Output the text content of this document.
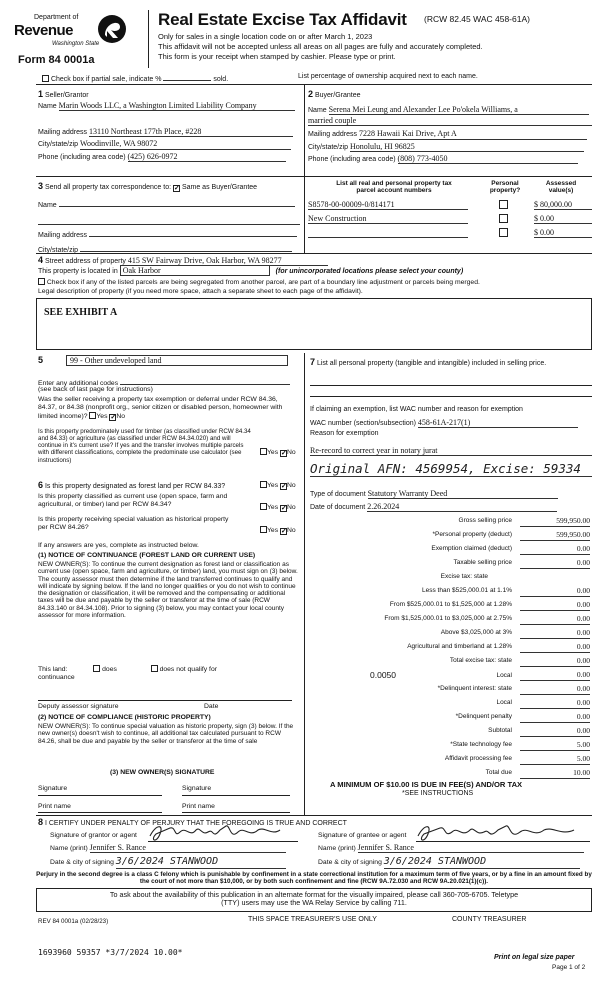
Department of
Revenue
Washington State
Form 84 0001a
Real Estate Excise Tax Affidavit (RCW 82.45 WAC 458-61A)
Only for sales in a single location code on or after March 1, 2023
This affidavit will not be accepted unless all areas on all pages are fully and accurately completed.
This form is your receipt when stamped by cashier. Please type or print.
Check box if partial sale, indicate %	sold.	List percentage of ownership acquired next to each name.
1 Seller/Grantor
Name Marin Woods LLC, a Washington Limited Liability Company
Mailing address 13110 Northeast 177th Place, #228
City/state/zip Woodinville, WA 98072
Phone (including area code) (425) 626-0972
2 Buyer/Grantee
Name Serena Mei Leung and Alexander Lee Po'okela Williams, a
married couple
Mailing address 7228 Hawaii Kai Drive, Apt A
City/state/zip Honolulu, HI 96825
Phone (including area code) (808) 773-4050
3 Send all property tax correspondence to: ✓ Same as Buyer/Grantee
Name
Mailing address
City/state/zip
List all real and personal property tax
parcel account numbers
Personal
property?
Assessed
value(s)
S8578-00-00009-0/814171	$ 80,000.00
New Construction	$ 0.00
$ 0.00
4 Street address of property 415 SW Fairway Drive, Oak Harbor, WA 98277
This property is located in Oak Harbor	(for unincorporated locations please select your county)
Check box if any of the listed parcels are being segregated from another parcel, are part of a boundary line adjustment or parcels being merged.
Legal description of property (if you need more space, attach a separate sheet to each page of the affidavit).
SEE EXHIBIT A
5	99 - Other undeveloped land
Enter any additional codes
(see back of last page for instructions)
Was the seller receiving a property tax exemption or deferral under RCW 84.36, 84.37, or 84.38 (nonprofit org., senior citizen or disabled person, homeowner with limited income)? Yes ✓No
Is this property predominately used for timber (as classified under RCW 84.34 and 84.33) or agriculture (as classified under RCW 84.34.020) and will continue in it's current use? If yes and the transfer involves multiple parcels with different classifications, complete the predominate use calculator (see instructions)
Yes ✓No
6 Is this property designated as forest land per RCW 84.33?	Yes ✓No
Is this property classified as current use (open space, farm and agricultural, or timber) land per RCW 84.34?	Yes ✓No
Is this property receiving special valuation as historical property per RCW 84.26?	Yes ✓No
If any answers are yes, complete as instructed below.
(1) NOTICE OF CONTINUANCE (FOREST LAND OR CURRENT USE)
NEW OWNER(S): To continue the current designation as forest land or classification as current use (open space, farm and agriculture, or timber) land, you must sign on (3) below. The county assessor must then determine if the land transferred continues to qualify and will indicate by signing below. If the land no longer qualifies or you do not wish to continue the designation or classification, it will be removed and the compensating or additional taxes will be due and payable by the seller or transferor at the time of sale (RCW 84.33.140 or 84.34.108). Prior to signing (3) below, you may contact your local county assessor for more information.
This land:	does	does not qualify for
continuance
Deputy assessor signature	Date
(2) NOTICE OF COMPLIANCE (HISTORIC PROPERTY)
NEW OWNER(S): To continue special valuation as historic property, sign (3) below. If the new owner(s) doesn't wish to continue, all additional tax calculated pursuant to RCW 84.26, shall be due and payable by the seller or transferor at the time of sale
(3) NEW OWNER(S) SIGNATURE
Signature	Signature
Print name	Print name
7 List all personal property (tangible and intangible) included in selling price.
If claiming an exemption, list WAC number and reason for exemption
WAC number (section/subsection) 458-61A-217(1)
Reason for exemption
Re-record to correct year in notary jurat
Original AFN: 4569954, Excise: 59334
Type of document Statutory Warranty Deed
Date of document 2.26.2024
Gross selling price	599,950.00
*Personal property (deduct)	599,950.00
Exemption claimed (deduct)	0.00
Taxable selling price	0.00
Excise tax: state
Less than $525,000.01 at 1.1%	0.00
From $525,000.01 to $1,525,000 at 1.28%	0.00
From $1,525,000.01 to $3,025,000 at 2.75%	0.00
Above $3,025,000 at 3%	0.00
Agricultural and timberland at 1.28%	0.00
Total excise tax: state	0.00
0.0050	Local	0.00
*Delinquent interest: state	0.00
Local	0.00
*Delinquent penalty	0.00
Subtotal	0.00
*State technology fee	5.00
Affidavit processing fee	5.00
Total due	10.00
A MINIMUM OF $10.00 IS DUE IN FEE(S) AND/OR TAX
*SEE INSTRUCTIONS
8 I CERTIFY UNDER PENALTY OF PERJURY THAT THE FOREGOING IS TRUE AND CORRECT
Signature of grantor or agent
Name (print) Jennifer S. Rance
Date & city of signing 3/6/2024 STANWOOD
Signature of grantee or agent
Name (print) Jennifer S. Rance
Date & city of signing 3/6/2024 STANWOOD
Perjury in the second degree is a class C felony which is punishable by confinement in a state correctional institution for a maximum term of five years, or by a fine in an amount fixed by the court of not more than $10,000, or by both such confinement and fine (RCW 9A.72.030 and RCW 9A.20.021(1)(c)).
To ask about the availability of this publication in an alternate format for the visually impaired, please call 360-705-6705. Teletype
(TTY) users may use the WA Relay Service by calling 711.
REV 84 0001a (02/28/23)	THIS SPACE TREASURER'S USE ONLY	COUNTY TREASURER
1693960 59357 *3/7/2024 10.00*
Print on legal size paper
Page 1 of 2
